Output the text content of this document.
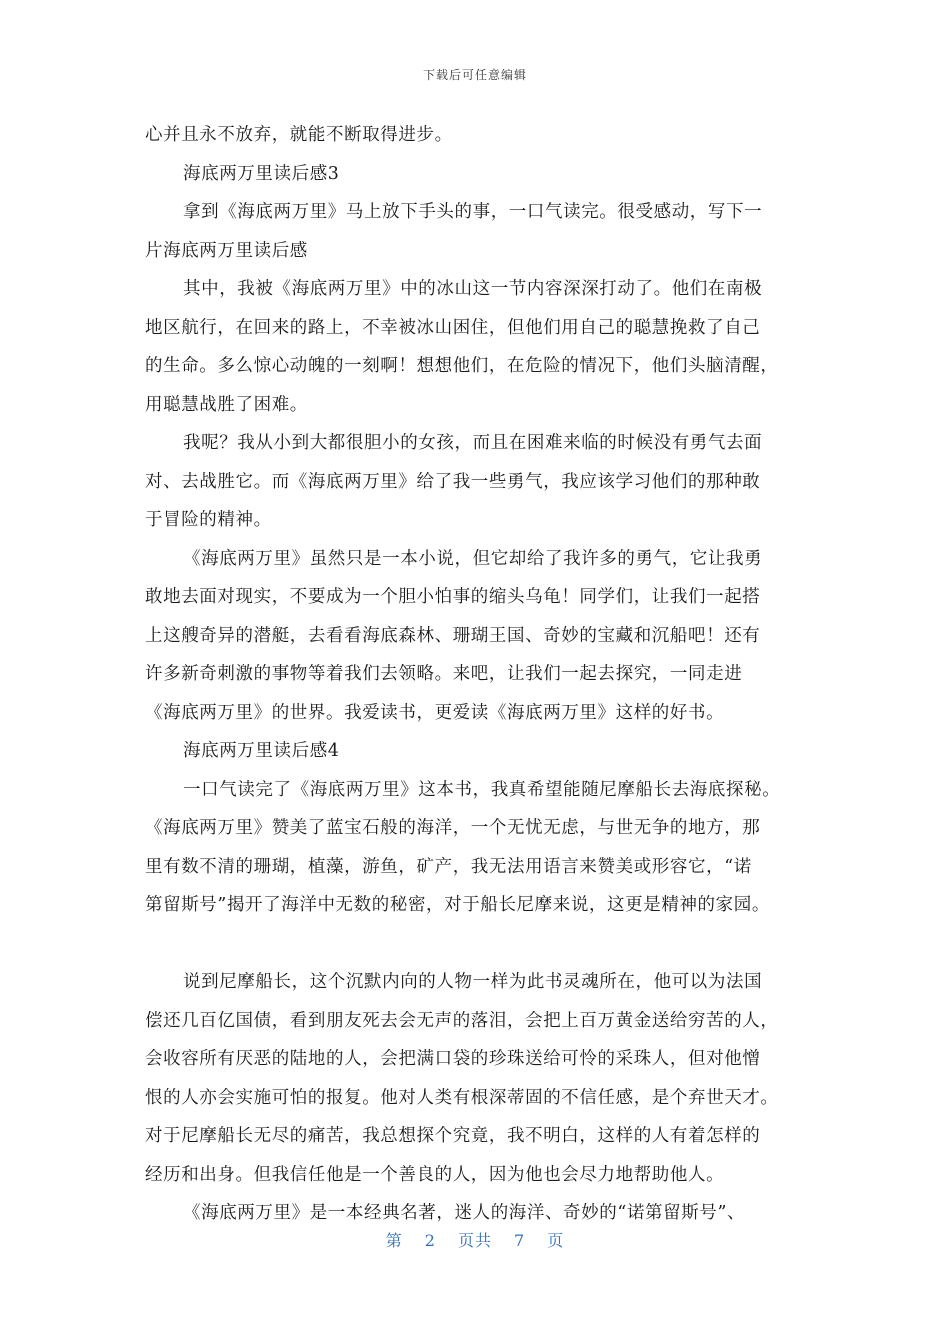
下载后可任意编辑
心并且永不放弃，就能不断取得进步。
海底两万里读后感3
拿到《海底两万里》马上放下手头的事，一口气读完。很受感动，写下一
片海底两万里读后感
其中，我被《海底两万里》中的冰山这一节内容深深打动了。他们在南极
地区航行，在回来的路上，不幸被冰山困住，但他们用自己的聪慧挽救了自己
的生命。多么惊心动魄的一刻啊！想想他们，在危险的情况下，他们头脑清醒，
用聪慧战胜了困难。
我呢？我从小到大都很胆小的女孩，而且在困难来临的时候没有勇气去面
对、去战胜它。而《海底两万里》给了我一些勇气，我应该学习他们的那种敢
于冒险的精神。
《海底两万里》虽然只是一本小说，但它却给了我许多的勇气，它让我勇
敢地去面对现实，不要成为一个胆小怕事的缩头乌龟！同学们，让我们一起搭
上这艘奇异的潜艇，去看看海底森林、珊瑚王国、奇妙的宝藏和沉船吧！还有
许多新奇刺激的事物等着我们去领略。来吧，让我们一起去探究，一同走进
《海底两万里》的世界。我爱读书，更爱读《海底两万里》这样的好书。
海底两万里读后感4
一口气读完了《海底两万里》这本书，我真希望能随尼摩船长去海底探秘。
《海底两万里》赞美了蓝宝石般的海洋，一个无忧无虑，与世无争的地方，那
里有数不清的珊瑚，植藻，游鱼，矿产，我无法用语言来赞美或形容它，“诺
第留斯号”揭开了海洋中无数的秘密，对于船长尼摩来说，这更是精神的家园。
说到尼摩船长，这个沉默内向的人物一样为此书灵魂所在，他可以为法国
偿还几百亿国债，看到朋友死去会无声的落泪，会把上百万黄金送给穷苦的人，
会收容所有厌恶的陆地的人，会把满口袋的珍珠送给可怜的采珠人，但对他憎
恨的人亦会实施可怕的报复。他对人类有根深蒂固的不信任感，是个弃世天才。
对于尼摩船长无尽的痛苦，我总想探个究竟，我不明白，这样的人有着怎样的
经历和出身。但我信任他是一个善良的人，因为他也会尽力地帮助他人。
《海底两万里》是一本经典名著，迷人的海洋、奇妙的“诺第留斯号”、
第 2 页共 7 页
